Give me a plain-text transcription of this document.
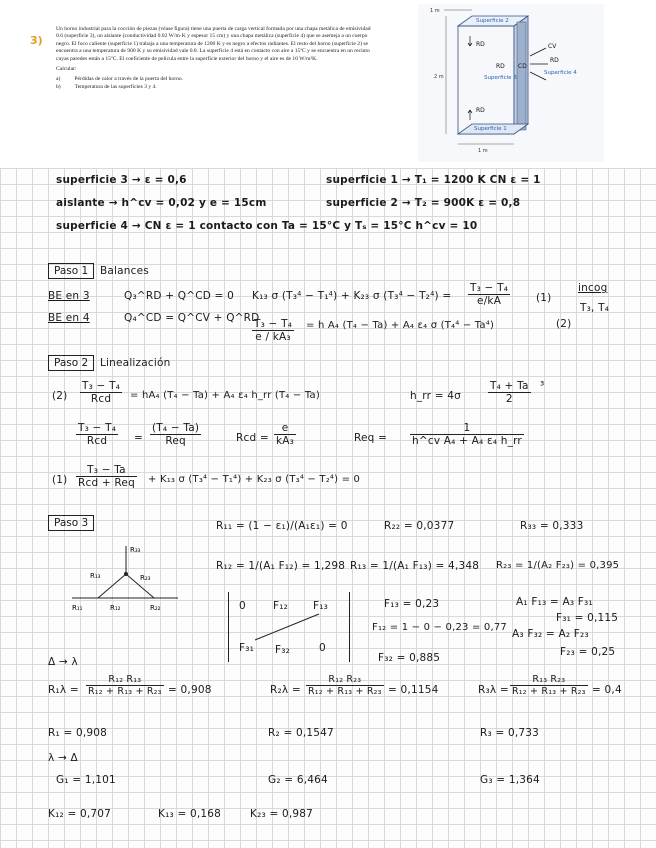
3)
Un horno industrial para la cocción de piezas (véase figura) tiene una puerta de carga vertical formada por una chapa metálica de emisividad 0.6 (superficie 3), un aislante (conductividad 0.02 W/m·K y espesor 15 cm) y una chapa metálica (superficie 4) que se asemeja a un cuerpo negro. El foco caliente (superficie 1) trabaja a una temperatura de 1200 K y es negro a efectos radiantes. El resto del horno (superficie 2) se encuentra a una temperatura de 900 K y su emisividad vale 0.8. La superficie 4 está en contacto con aire a 15ºC y se encuentra en un recinto cuyas paredes están a 15ºC. El coeficiente de película entre la superficie exterior del horno y el aire es de 10 W/m²K.
Calcular:
a)	Pérdidas de calor a través de la puerta del horno.
b)	Temperatura de las superficies 3 y 4.
1 m
2 m
1 m
Superficie 2
Superficie 3
Superficie 4
Superficie 1
RD
RD CD
CV
RD
RD
superficie 3 → ε = 0,6	superficie 1 → T₁ = 1200 K CN ε = 1
aislante → h^cv = 0,02 y e = 15cm	superficie 2 → T₂ = 900K ε = 0,8
superficie 4 → CN ε = 1 contacto con Ta = 15°C y Tₛ = 15°C h^cv = 10
Paso 1	Balances
BE en 3	Q₃^RD + Q^CD = 0
BE en 4	Q₄^CD = Q^CV + Q^RD
K₁₃ σ (T₃⁴ − T₁⁴) + K₂₃ σ $(T_3^4 - T_2^4) = \frac{\text{T₃ − T₄}}{e/kA} (1)$
$\frac{\text{T₃ − T₄}}{\text{e / kA₃}} = h$ A₄ (T₄ − Ta) + A₄ ε₄ σ (T₄⁴ − Ta⁴)	(2)
incog
T₃, T₄
Paso 2	Linealización
(2)
T₃ − T₄
Rcd	= hA₄ (T₄ − Ta) + A₄ ε₄ h_rr (T₄ − Ta)	h_rr = 4σ	$\frac{\text{T₄ + Ta}}{2} ^3$
T₃ − T₄
Rcd	=
(T₄ − Ta)
Req	Rcd = $\frac{e}{\text{kA₃}}$	Req = $\frac{1}{\text{h\textasciicircum{}cv A₄ + A₄ ε₄ h\_rr}}$
(1)
T₃ − Ta
Rcd + Req + K₁₃ σ (T₃⁴ − T₁⁴) + K₂₃ σ (T₃⁴ − T₂⁴) = 0
Paso 3	R₁₁ = (1 − ε₁)/(A₁ε₁) = 0	R₂₂ = 0,0377	R₃₃ = 0,333
R₁₂ = 1/(A₁ F₁₂) = 1,298 R₁₃ = 1/(A₁ F₁₃) = 4,348 R₂₃ = 1/(A₂ F₂₃) = 0,395
R₃₃
R₁₃	R₂₃
R₁₁	R₁₂	R₂₂	0	F₁₂ F₁₃
F₃₁ F₃₂	0
F₁₃ = 0,23
F₁₂ = 1 − 0 − 0,23 = 0,77
F₃₂ = 0,885
A₁ F₁₃ = A₃ F₃₁
F₃₁ = 0,115
A₃ F₃₂ = A₂ F₂₃
F₂₃ = 0,25
Δ → λ
$R_1\lambda = \frac{\text{R₁₂ R₁₃}}{\text{R₁₂ + R₁₃ + R₂₃}} = 0,908$	$R_2\lambda = \frac{\text{R₁₂ R₂₃}}{\text{R₁₂ + R₁₃ + R₂₃}} = 0,1154$	$R_3\lambda = \frac{\text{R₁₃ R₂₃}}{\text{R₁₂ + R₁₃ + R₂₃}} = 0,4$
R₁ = 0,908	R₂ = 0,1547	R₃ = 0,733
λ → Δ
G₁ = 1,101	G₂ = 6,464	G₃ = 1,364
K₁₂ = 0,707	K₁₃ = 0,168	K₂₃ = 0,987
